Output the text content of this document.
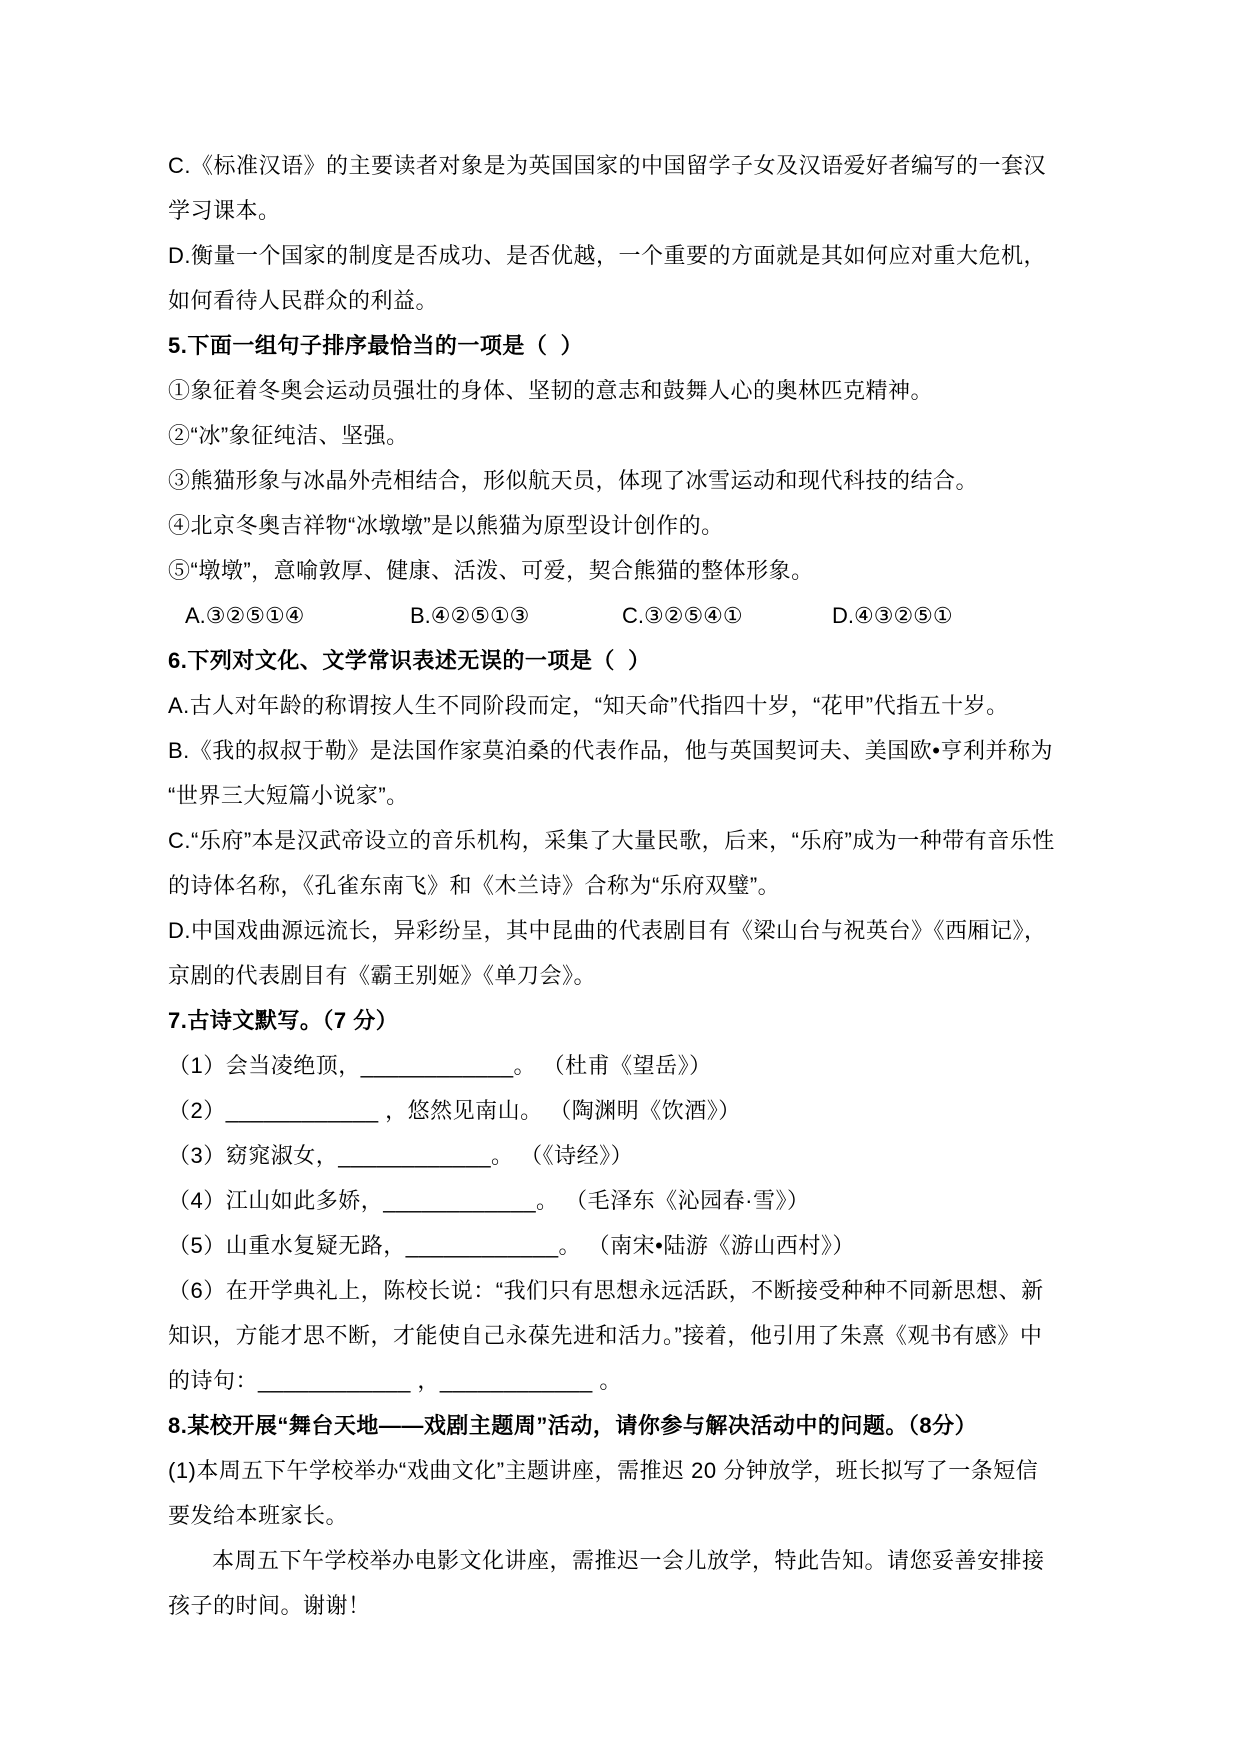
C.《标准汉语》的主要读者对象是为英国国家的中国留学子女及汉语爱好者编写的一套汉
学习课本。
D.衡量一个国家的制度是否成功、是否优越，一个重要的方面就是其如何应对重大危机，
如何看待人民群众的利益。
5.下面一组句子排序最恰当的一项是（  ）
①象征着冬奥会运动员强壮的身体、坚韧的意志和鼓舞人心的奥林匹克精神。
②“冰”象征纯洁、坚强。
③熊猫形象与冰晶外壳相结合，形似航天员，体现了冰雪运动和现代科技的结合。
④北京冬奥吉祥物“冰墩墩”是以熊猫为原型设计创作的。
⑤“墩墩”，意喻敦厚、健康、活泼、可爱，契合熊猫的整体形象。
A.③②⑤①④	B.④②⑤①③	C.③②⑤④①	D.④③②⑤①
6.下列对文化、文学常识表述无误的一项是（  ）
A.古人对年龄的称谓按人生不同阶段而定，“知天命”代指四十岁，“花甲”代指五十岁。
B.《我的叔叔于勒》是法国作家莫泊桑的代表作品，他与英国契诃夫、美国欧•亨利并称为
“世界三大短篇小说家”。
C.“乐府”本是汉武帝设立的音乐机构，采集了大量民歌，后来，“乐府”成为一种带有音乐性
的诗体名称，《孔雀东南飞》和《木兰诗》合称为“乐府双璧”。
D.中国戏曲源远流长，异彩纷呈，其中昆曲的代表剧目有《梁山台与祝英台》《西厢记》，
京剧的代表剧目有《霸王别姬》《单刀会》。
7.古诗文默写。（7 分）
（1）会当凌绝顶，____________。 （杜甫《望岳》）
（2）____________ ，悠然见南山。 （陶渊明《饮酒》）
（3）窈窕淑女，____________。 （《诗经》）
（4）江山如此多娇，____________。 （毛泽东《沁园春·雪》）
（5）山重水复疑无路，____________。 （南宋•陆游《游山西村》）
（6）在开学典礼上，陈校长说：“我们只有思想永远活跃，不断接受种种不同新思想、新
知识，方能才思不断，才能使自己永葆先进和活力。”接着，他引用了朱熹《观书有感》中
的诗句：____________ ，____________ 。
8.某校开展“舞台天地——戏剧主题周”活动，请你参与解决活动中的问题。（8分）
(1)本周五下午学校举办“戏曲文化”主题讲座，需推迟 20 分钟放学，班长拟写了一条短信
要发给本班家长。
本周五下午学校举办电影文化讲座，需推迟一会儿放学，特此告知。请您妥善安排接
孩子的时间。谢谢！
